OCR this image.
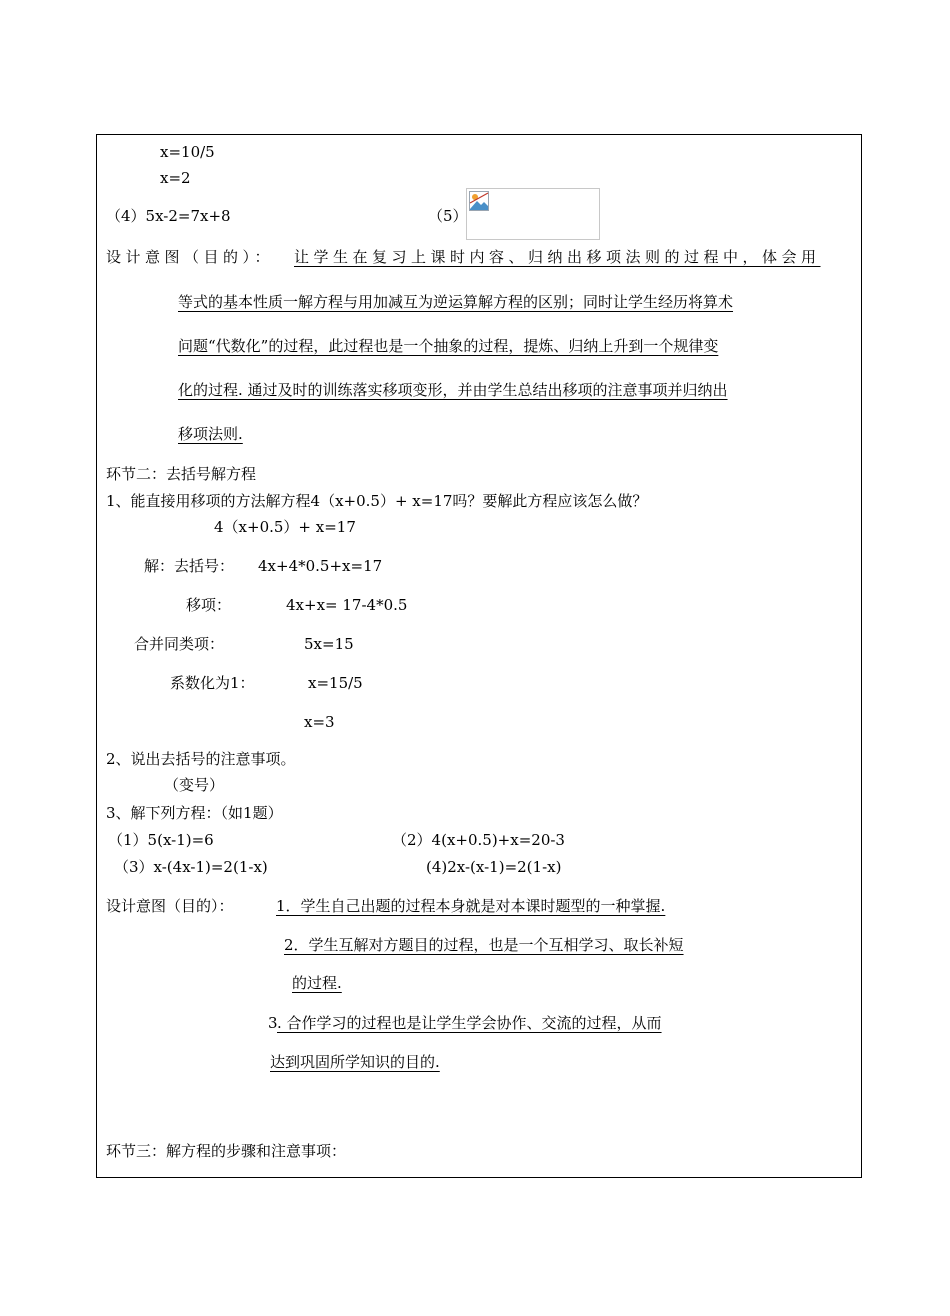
x=10/5
x=2
（4）5x-2=7x+8	（5）
设计意图（目的）： 让学生在复习上课时内容、归纳出移项法则的过程中，体会用
等式的基本性质一解方程与用加减互为逆运算解方程的区别；同时让学生经历将算术
问题“代数化”的过程，此过程也是一个抽象的过程，提炼、归纳上升到一个规律变
化的过程. 通过及时的训练落实移项变形，并由学生总结出移项的注意事项并归纳出
移项法则.
环节二：去括号解方程
1、能直接用移项的方法解方程4（x+0.5）+ x=17吗？要解此方程应该怎么做？
4（x+0.5）+ x=17
解：去括号： 4x+4*0.5+x=17
移项：	4x+x= 17-4*0.5
合并同类项：	5x=15
系数化为1：	x=15/5
x=3
2、说出去括号的注意事项。
（变号）
3、解下列方程：（如1题）
（1）5(x-1)=6	（2）4(x+0.5)+x=20-3
（3）x-(4x-1)=2(1-x)	(4)2x-(x-1)=2(1-x)
设计意图（目的）：	1．学生自己出题的过程本身就是对本课时题型的一种掌握.
2．学生互解对方题目的过程，也是一个互相学习、取长补短
的过程.
3 . 合作学习的过程也是让学生学会协作、交流的过程，从而
达到巩固所学知识的目的.
环节三：解方程的步骤和注意事项：
